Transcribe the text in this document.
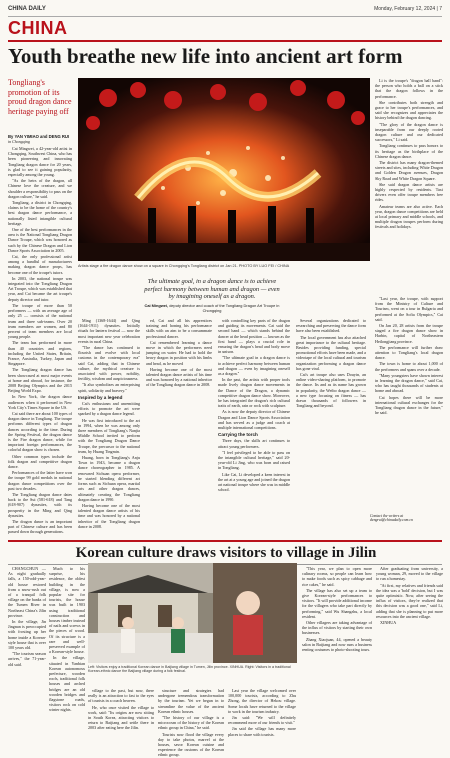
CHINA DAILY	Monday, February 12, 2024 | 7
CHINA
Youth breathe new life into ancient art form
Tongliang's promotion of its proud dragon dance heritage paying off
By YAN YIMIAO and DENG RUI
in Chongqing

Cai Mingwei, a 42-year-old artist in Chongqing, Southwest China, who has been pioneering and innovating Tongliang dragon dance for 20 years, is glad to see it gaining popularity, especially among the young.

"As the heirs of the dragon, all Chinese love the creature, and we shoulder a responsibility to pass on the dragon culture," he said.

Tongliang, a district in Chongqing, claims to be the home of the country's best dragon dance performance, a nationally listed intangible cultural heritage.

One of the best performances in the area is the National Tongliang Dragon Dance Troupe, which was honored as such by the Chinese Dragon and Lion Dance Sports Association in 2005.

Cai, the only professional artist among a handful of manufacturers making dragon dance props, has become one of the troupe's tutors.

In 2003, the national troupe was integrated into the Tongliang Dragon Art Troupe, which was established that year, and Cai became the art troupe's deputy director and tutor.

The troupe of more than 50 performers — with an average age of only 25 — consists of the national team and three sub-teams. Over 20 team members are women, and 80 percent of team members are local young people.

The team has performed in more than 40 countries and regions, including the United States, Britain, France, Australia, Turkey, Japan and Singapore.

The Tongliang dragon dance has been showcased at most major events at home and abroad, for instance, the 2008 Beijing Olympics and the 2015 Beijing World Expo.

In New York, the dragon dance audiences when it performed in New York City's Times Square in the US.

Cai said there are about 100 types of dragon dance in Tongliang. The troupe performs different types of dragon dances according to the time. During the Spring Festival, the dragon dance is the Fire dragon dance, while for important foreign performances, the colorful dragon show is chosen.

Other common types include the folk dragon and competitive dragon dance.

Performances of the latter have won the troupe 99 gold medals in national dragon dance competitions over the past two decades.

The Tongliang dragon dance dates back to the Sui (581-618) and Tang (618-907) dynasties, with its prosperity in the Ming and Qing dynasties.

The dragon dance is an important part of Chinese culture and has been passed down through generations.

Artists stage a fire dragon dance show on a square in Chongqing's Tongliang district on Jan 21. PHOTO BY LUO FEI / CHINA
The ultimate goal, in a dragon dance is to achieve perfect harmony between human and dragon — even by imagining oneself as a dragon.
Cai Mingwei, deputy director and coach of the Tongliang Dragon Art Troupe in Chongqing

Ming (1368-1644) and Qing (1644-1911) dynasties. Initially rituals for lantern festival — now the most important new year celebration events in rural China.

"The dance has continued to flourish and evolve with local customs in the contemporary era" said Cai, adding that in Chinese culture, the mythical creature is associated with power, nobility, fertility, wisdom and auspiciousness.

"It also symbolizes an enterprising spirit, solidarity and bravery."

Inspired by a legend

Cai's enthusiasm and unremitting efforts to promote the art were sparked by a dragon dance legend.

He was first introduced to the art in 1994, when he was among only three members of Tongliang's Nanjia Middle School invited to perform with the Tongliang Dragon Dance Troupe, the precursor to the national team, by Huang Tingmin.

Huang, born in Tongliang's Anju Town in 1943, became a dragon dance choreographer in 1985. A renowned Sichuan opera performer, he started blending different art forms such as Sichuan opera, martial arts and other dragon dances, ultimately creating the Tongliang dragon dance in 1990.

Having become one of the most talented dragon dance artists of his time and was honored by a national inheritor of the Tongliang dragon dance in 2008.

ed, Cai and all his apprentices training and honing his performance skills with an aim to be a consummate professional dancer.

Cai remembered learning a dance move in which the performers need jumping on water. He had to hold the heavy dragon in position with his limbs and head, as he moved

Having become one of the most talented dragon dance artists of his time and was honored by a national inheritor of the Tongliang dragon dance in 2008.

with controlling key parts of the dragon and guiding its movements. Cai said the second hand — which stands behind the dancer at the head position — known as the first hand — plays a crucial role in ensuring the dragon's head and body move in unison.

"The ultimate goal in a dragon dance is to achieve perfect harmony between human and dragon — even by imagining oneself as a dragon."

In the past, the artists with proper tools made lively dragon dance movements in the Dance of the Dragon, a dynamic competitive dragon dance show. Moreover, he has integrated the dragon's rich cultural traits of earth, rain or rock with sculpture.

As is now the deputy director of Chinese Dragon and Lion Dance Sports Association and has served as a judge and coach at multiple international competitions.

Carrying the torch

Three days, the skills art continues to attract young performers.

"I feel privileged to be able to pass on the intangible cultural heritage," said 20-year-old Li Jing, who was born and raised in Tongliang.

Like Cai, Li developed a keen interest in the art at a young age and joined the dragon art national troupe where she was in middle school.

Li is the troupe's "dragon ball band": the person who holds a ball on a stick that the dragon follows in the performance.

She contributes both strength and grace to her troupe's performances, and said she recognizes and appreciates the history behind the dragon dancing.

"The glory of the dragon dance is inseparable from our deeply rooted dragon culture and our dedicated successors," Li said.

Tongliang continues to pass honors to its heritage as the birthplace of the Chinese dragon dance.

The district has many dragon-themed streets and sites, including White Dragon and Golden Dragon avenues, Dragon Sky Road and White Dragon Square.

She said dragon dance artists are highly respected by residents. Taxi drivers even offer troupe members free rides.

Amateur teams are also active. Each year, dragon dance competitions are held at local primary and middle schools, and multiple dragon troupes perform during festivals and holidays.

Several organizations dedicated to researching and preserving the dance form have also been established.

The local government has also attached great importance to the cultural heritage. Besides providing funding, special promotional efforts have been made, and a videotape of the local cultural and tourism organization performing a dragon dance has gone viral.

Cai's art troupe also uses Douyin, an online video-sharing platform, to promote the dance. Its and as its name has grown in popularity, the Weibo dragon dance — a new type focusing on fitness — has drawn thousands of followers in Tongliang and beyond.

"Last year, the troupe, with support from the Ministry of Culture and Tourism, went on a tour in Bulgaria and performed at the Sofia Olympics," Cai said.

On Jan 20, 28 artists from the troupe staged a fire dragon dance show in Harbin, capital of Northeastern Heilongjiang province.

The performance will further draw attention to Tongliang's local dragon dance.

The town is home to about 1,000 of the performers and spans over a decade.

"Many youngsters have shown interest in learning the dragon dance," said Cai, who has taught thousands of students at home and abroad.

Cai hopes there will be more international cultural exchanges for the Tongliang dragon dance in the future," he said.

Contact the writers at dengrui@chinadaily.com.cn
Korean culture draws visitors to village in Jilin

CHANGCHUN — As night gradually falls, a 150-odd-year-old house restored from a snow-rush out of a tranquil folk village on the banks of the Tumen River in Northeast China's Jilin province.

In the village, Jin Jingnan is preoccupied with frosting up her home inside a Korean-style house that is over 100 years old.

"The tourism season arrives," the 71-year-old said.

Much to his surprise, his residence, the oldest building in the village, is now a popular site for tourists, the house was built in 1903 using traditional construction and houses timber instead of nails and screws in the pieces of wood. Of its structure is a rare and well-preserved example of a Korean-style house.

In the village, situated in Yanbian Korean autonomous prefecture, wooden roofs, traditional folk houses and arched bridges are an old wooden bridges and flagstone roads, visitors rock on cold winter nights.

Left: Visitors enjoy a traditional Korean dance in Baijiang village in Tumen, Jilin province. XINHUA. Right: Visitors in a traditional Korean-ethnic dance the Baijiang village during a folk festival.

village to the past, but now, there really is an attraction to fast to the eyes of tourists in a coach heaven.

He, who once visited the village to work, said: "Its origins are now sitting in South Korea, attracting visitors to return to Baijiang and settle there in 2003 after eating here the Jilin.

structure and strategies had undergone tremendous transformation by the tourism. Yet we began in to streamline the value of the ancient Korean ethnic houses.

"The history of our village is a microcosm of the history of the Korean ethnic group in China," he said.

Tourists now flood the village every day to take photos, marvel at the houses, savor Korean cuisine and experience the customs of the Korean ethnic group.

Last year the village welcomed over 100,000 tourists, according to Zhu Zhong, the director of Hekou village. Some locals have returned to the village to work in the tourism industry.

Jin said: "We will definitely recommend more of our friends to visit."

Jin said the village has many more places to share with tourists.

"This year, we plan to open more culinary rooms, so people can learn how to make foods such as spicy cabbage and rice cakes," he said.

The village has also set up a team to give Korean-style performances to visitors. "It will provide additional income for the villagers who take part directly by performing," said Wu Shangzhu, a local resident.

Other villagers are taking advantage of the influx of visitors by starting their own businesses.

Zhang Xiaojuan, 44, opened a beauty salon in Baijiang and now runs a business renting costumes to photo-shooting tours.

After graduating from university, a young woman, 29, moved to the village to run a homestay.

"At first, my relatives and friends said the idea was a 'bold' decision, but I was quite optimistic. Now, after seeing the influx of visitors, they're realized that this decision was a good one," said Li, adding that she is planning to put more resources into the ancient village.

XINHUA
